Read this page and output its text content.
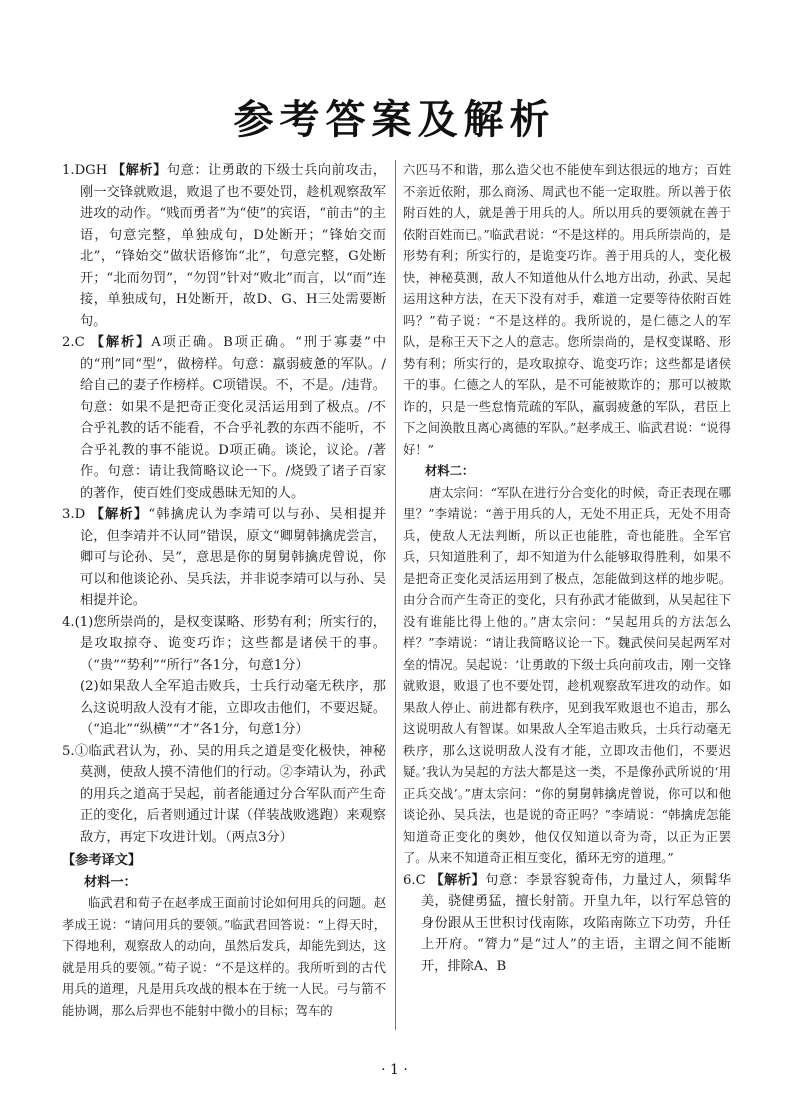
参考答案及解析

1.DGH 【解析】句意：让勇敢的下级士兵向前攻击，刚一交锋就败退，败退了也不要处罚，趁机观察敌军进攻的动作。“贱而勇者”为“使”的宾语，“前击”的主语，句意完整，单独成句，D处断开；“锋始交而北”，“锋始交”做状语修饰“北”，句意完整，G处断开；“北而勿罚”，“勿罚”针对“败北”而言，以“而”连接，单独成句，H处断开，故D、G、H三处需要断句。

2.C 【解析】A项正确。B项正确。“刑于寡妻”中的“刑”同“型”，做榜样。句意：羸弱疲惫的军队。/给自己的妻子作榜样。C项错误。不，不是。/违背。句意：如果不是把奇正变化灵活运用到了极点。/不合乎礼教的话不能看，不合乎礼教的东西不能听，不合乎礼教的事不能说。D项正确。谈论，议论。/著作。句意：请让我简略议论一下。/烧毁了诸子百家的著作，使百姓们变成愚昧无知的人。

3.D 【解析】“韩擒虎认为李靖可以与孙、吴相提并论，但李靖并不认同”错误，原文“卿舅韩擒虎尝言，卿可与论孙、吴”，意思是你的舅舅韩擒虎曾说，你可以和他谈论孙、吴兵法，并非说李靖可以与孙、吴相提并论。

4.(1)您所崇尚的，是权变谋略、形势有利；所实行的，是攻取掠夺、诡变巧诈；这些都是诸侯干的事。（“贵”“势利”“所行”各1分，句意1分）

(2)如果敌人全军追击败兵，士兵行动毫无秩序，那么这说明敌人没有才能，立即攻击他们，不要迟疑。（“追北”“纵横”“才”各1分，句意1分）

5.①临武君认为，孙、吴的用兵之道是变化极快，神秘莫测，使敌人摸不清他们的行动。②李靖认为，孙武的用兵之道高于吴起，前者能通过分合军队而产生奇正的变化，后者则通过计谋（佯装战败逃跑）来观察敌方，再定下攻进计划。（两点3分）

【参考译文】

材料一：

临武君和荀子在赵孝成王面前讨论如何用兵的问题。赵孝成王说：“请问用兵的要领。”临武君回答说：“上得天时，下得地利，观察敌人的动向，虽然后发兵，却能先到达，这就是用兵的要领。”荀子说：“不是这样的。我所听到的古代用兵的道理，凡是用兵攻战的根本在于统一人民。弓与箭不能协调，那么后羿也不能射中微小的目标；驾车的

六匹马不和谐，那么造父也不能使车到达很远的地方；百姓不亲近依附，那么商汤、周武也不能一定取胜。所以善于依附百姓的人，就是善于用兵的人。所以用兵的要领就在善于依附百姓而已。”临武君说：“不是这样的。用兵所崇尚的，是形势有利；所实行的，是诡变巧诈。善于用兵的人，变化极快，神秘莫测，敌人不知道他从什么地方出动，孙武、吴起运用这种方法，在天下没有对手，难道一定要等待依附百姓吗？”荀子说：“不是这样的。我所说的，是仁德之人的军队，是称王天下之人的意志。您所崇尚的，是权变谋略、形势有利；所实行的，是攻取掠夺、诡变巧诈；这些都是诸侯干的事。仁德之人的军队，是不可能被欺诈的；那可以被欺诈的，只是一些怠惰荒疏的军队，羸弱疲惫的军队，君臣上下之间涣散且离心离德的军队。”赵孝成王、临武君说：“说得好！”

材料二：

唐太宗问：“军队在进行分合变化的时候，奇正表现在哪里？”李靖说：“善于用兵的人，无处不用正兵，无处不用奇兵，使敌人无法判断，所以正也能胜，奇也能胜。全军官兵，只知道胜利了，却不知道为什么能够取得胜利，如果不是把奇正变化灵活运用到了极点，怎能做到这样的地步呢。由分合而产生奇正的变化，只有孙武才能做到，从吴起往下没有谁能比得上他的。”唐太宗问：“吴起用兵的方法怎么样？”李靖说：“请让我简略议论一下。魏武侯问吴起两军对垒的情况。吴起说：‘让勇敢的下级士兵向前攻击，刚一交锋就败退，败退了也不要处罚，趁机观察敌军进攻的动作。如果敌人停止、前进都有秩序，见到我军败退也不追击，那么这说明敌人有智谋。如果敌人全军追击败兵，士兵行动毫无秩序，那么这说明敌人没有才能，立即攻击他们，不要迟疑。’我认为吴起的方法大都是这一类，不是像孙武所说的‘用正兵交战’。”唐太宗问：“你的舅舅韩擒虎曾说，你可以和他谈论孙、吴兵法，也是说的奇正吗？”李靖说：“韩擒虎怎能知道奇正变化的奥妙，他仅仅知道以奇为奇，以正为正罢了。从来不知道奇正相互变化，循环无穷的道理。”

6.C 【解析】句意：李景容貌奇伟，力量过人，须髯华美，骁健勇猛，擅长射箭。开皇九年，以行军总管的身份跟从王世积讨伐南陈，攻陷南陈立下功劳，升任上开府。“膂力”是“过人”的主语，主谓之间不能断开，排除A、B

· 1 ·
